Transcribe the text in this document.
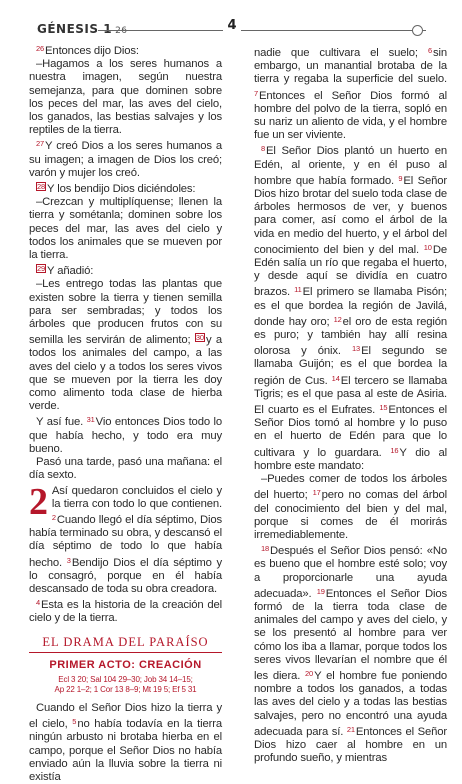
GÉNESIS 1 26	4

$^{26}$Entonces dijo Dios:

–Hagamos a los seres humanos a nuestra imagen, según nuestra semejanza, para que dominen sobre los peces del mar, las aves del cielo, los ganados, las bestias salvajes y los reptiles de la tierra.

$^{27}$Y creó Dios a los seres humanos a su imagen; a imagen de Dios los creó; varón y mujer los creó.

$^{28}$ Y los bendijo Dios diciéndoles:

–Crezcan y multiplíquense; llenen la tierra y sométanla; dominen sobre los peces del mar, las aves del cielo y todos los animales que se mueven por la tierra.

$^{29}$ Y añadió:

–Les entrego todas las plantas que existen sobre la tierra y tienen semilla para ser sembradas; y todos los árboles que producen frutos con su semilla les servirán de alimento; $^{30}$ y a todos los animales del campo, a las aves del cielo y a todos los seres vivos que se mueven por la tierra les doy como alimento toda clase de hierba verde.

Y así fue. $^{31}$Vio entonces Dios todo lo que había hecho, y todo era muy bueno.

Pasó una tarde, pasó una mañana: el día sexto.

2 Así quedaron concluidos el cielo y la tierra con todo lo que contienen. $^2$Cuando llegó el día séptimo, Dios había terminado su obra, y descansó el día séptimo de todo lo que había hecho. $^3$Bendijo Dios el día séptimo y lo consagró, porque en él había descansado de toda su obra creadora.

$^4$Esta es la historia de la creación del cielo y de la tierra.

EL DRAMA DEL PARAÍSO
PRIMER ACTO: CREACIÓN
Ecl 3 20; Sal 104 29–30; Job 34 14–15;
Ap 22 1–2; 1 Cor 13 8–9; Mt 19 5; Ef 5 31

Cuando el Señor Dios hizo la tierra y el cielo, $^5$no había todavía en la tierra ningún arbusto ni brotaba hierba en el campo, porque el Señor Dios no había enviado aún la lluvia sobre la tierra ni existía

nadie que cultivara el suelo; $^6$sin embargo, un manantial brotaba de la tierra y regaba la superficie del suelo. $^7$Entonces el Señor Dios formó al hombre del polvo de la tierra, sopló en su nariz un aliento de vida, y el hombre fue un ser viviente.

$^8$El Señor Dios plantó un huerto en Edén, al oriente, y en él puso al hombre que había formado. $^9$El Señor Dios hizo brotar del suelo toda clase de árboles hermosos de ver, y buenos para comer, así como el árbol de la vida en medio del huerto, y el árbol del conocimiento del bien y del mal. $^{10}$De Edén salía un río que regaba el huerto, y desde aquí se dividía en cuatro brazos. $^{11}$El primero se llamaba Pisón; es el que bordea la región de Javilá, donde hay oro; $^{12}$el oro de esta región es puro; y también hay allí resina olorosa y ónix. $^{13}$El segundo se llamaba Guijón; es el que bordea la región de Cus. $^{14}$El tercero se llamaba Tigris; es el que pasa al este de Asiria. El cuarto es el Eufrates. $^{15}$Entonces el Señor Dios tomó al hombre y lo puso en el huerto de Edén para que lo cultivara y lo guardara. $^{16}$Y dio al hombre este mandato:

–Puedes comer de todos los árboles del huerto; $^{17}$pero no comas del árbol del conocimiento del bien y del mal, porque si comes de él morirás irremediablemente.

$^{18}$Después el Señor Dios pensó: «No es bueno que el hombre esté solo; voy a proporcionarle una ayuda adecuada». $^{19}$Entonces el Señor Dios formó de la tierra toda clase de animales del campo y aves del cielo, y se los presentó al hombre para ver cómo los iba a llamar, porque todos los seres vivos llevarían el nombre que él les diera. $^{20}$Y el hombre fue poniendo nombre a todos los ganados, a todas las aves del cielo y a todas las bestias salvajes, pero no encontró una ayuda adecuada para sí. $^{21}$Entonces el Señor Dios hizo caer al hombre en un profundo sueño, y mientras
